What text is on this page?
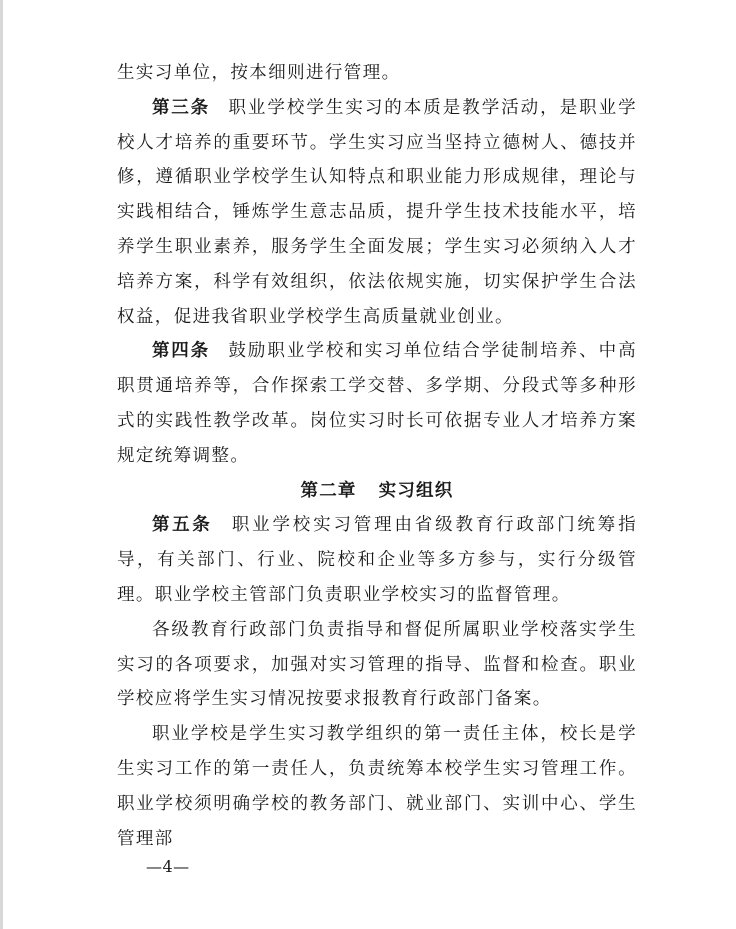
生实习单位，按本细则进行管理。

第三条 职业学校学生实习的本质是教学活动，是职业学校人才培养的重要环节。学生实习应当坚持立德树人、德技并修，遵循职业学校学生认知特点和职业能力形成规律，理论与实践相结合，锤炼学生意志品质，提升学生技术技能水平，培养学生职业素养，服务学生全面发展；学生实习必须纳入人才培养方案，科学有效组织，依法依规实施，切实保护学生合法权益，促进我省职业学校学生高质量就业创业。

第四条 鼓励职业学校和实习单位结合学徒制培养、中高职贯通培养等，合作探索工学交替、多学期、分段式等多种形式的实践性教学改革。岗位实习时长可依据专业人才培养方案规定统筹调整。

第二章 实习组织

第五条 职业学校实习管理由省级教育行政部门统筹指导，有关部门、行业、院校和企业等多方参与，实行分级管理。职业学校主管部门负责职业学校实习的监督管理。

各级教育行政部门负责指导和督促所属职业学校落实学生实习的各项要求，加强对实习管理的指导、监督和检查。职业学校应将学生实习情况按要求报教育行政部门备案。

职业学校是学生实习教学组织的第一责任主体，校长是学生实习工作的第一责任人，负责统筹本校学生实习管理工作。职业学校须明确学校的教务部门、就业部门、实训中心、学生管理部

—4—
